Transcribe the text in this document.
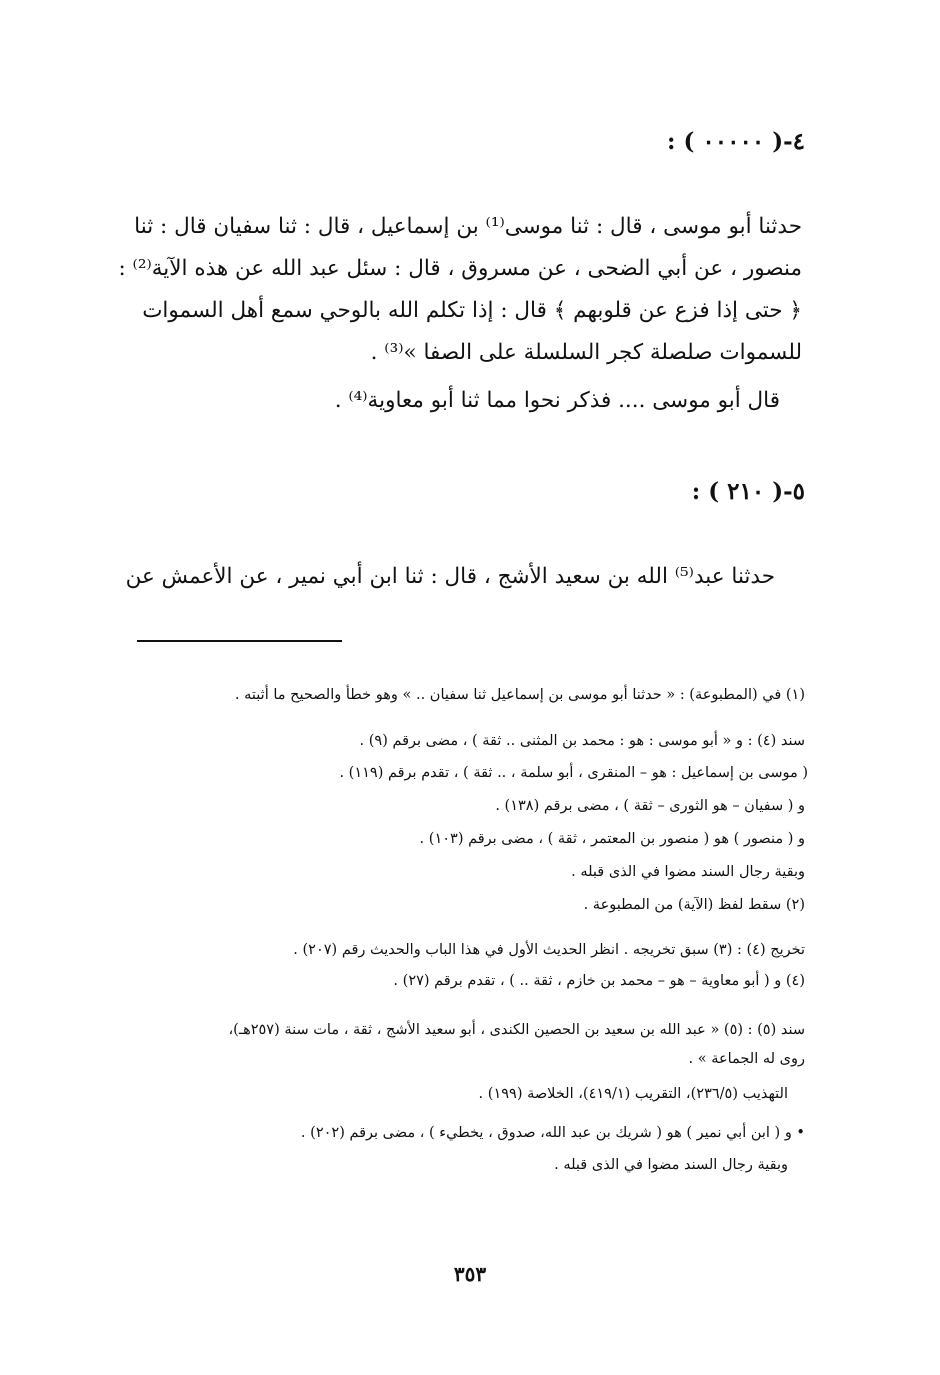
٤-( ٠٠٠٠٠ ) :
حدثنا أبو موسى ، قال : ثنا موسى⁽¹⁾ بن إسماعيل ، قال : ثنا سفيان قال : ثنا
منصور ، عن أبي الضحى ، عن مسروق ، قال : سئل عبد الله عن هذه الآية⁽²⁾ :
﴿ حتى إذا فزع عن قلوبهم ﴾ قال : إذا تكلم الله بالوحي سمع أهل السموات
للسموات صلصلة كجر السلسلة على الصفا »⁽³⁾ .
قال أبو موسى .... فذكر نحوا مما ثنا أبو معاوية⁽⁴⁾ .
٥-( ٢١٠ ) :
حدثنا عبد⁽⁵⁾ الله بن سعيد الأشج ، قال : ثنا ابن أبي نمير ، عن الأعمش عن
(١) في (المطبوعة) : « حدثنا أبو موسى بن إسماعيل ثنا سفيان .. » وهو خطأ والصحيح ما أثبته .
سند (٤) : و « أبو موسى : هو : محمد بن المثنى .. ثقة ) ، مضى برقم (٩) .
( موسى بن إسماعيل : هو – المنقرى ، أبو سلمة ، .. ثقة ) ، تقدم برقم (١١٩) .
و ( سفيان – هو الثورى – ثقة ) ، مضى برقم (١٣٨) .
و ( منصور ) هو ( منصور بن المعتمر ، ثقة ) ، مضى برقم (١٠٣) .
وبقية رجال السند مضوا في الذى قبله .
(٢) سقط لفظ (الآية) من المطبوعة .
تخريج (٤) : (٣) سبق تخريجه . انظر الحديث الأول في هذا الباب والحديث رقم (٢٠٧) .
(٤) و ( أبو معاوية – هو – محمد بن خازم ، ثقة .. ) ، تقدم برقم (٢٧) .
سند (٥) : (٥) « عبد الله بن سعيد بن الحصين الكندى ، أبو سعيد الأشج ، ثقة ، مات سنة (٢٥٧هـ)،
روى له الجماعة » .
التهذيب (٢٣٦/٥)، التقريب (٤١٩/١)، الخلاصة (١٩٩) .
• و ( ابن أبي نمير ) هو ( شريك بن عبد الله، صدوق ، يخطيء ) ، مضى برقم (٢٠٢) .
وبقية رجال السند مضوا في الذى قبله .
٣٥٣
